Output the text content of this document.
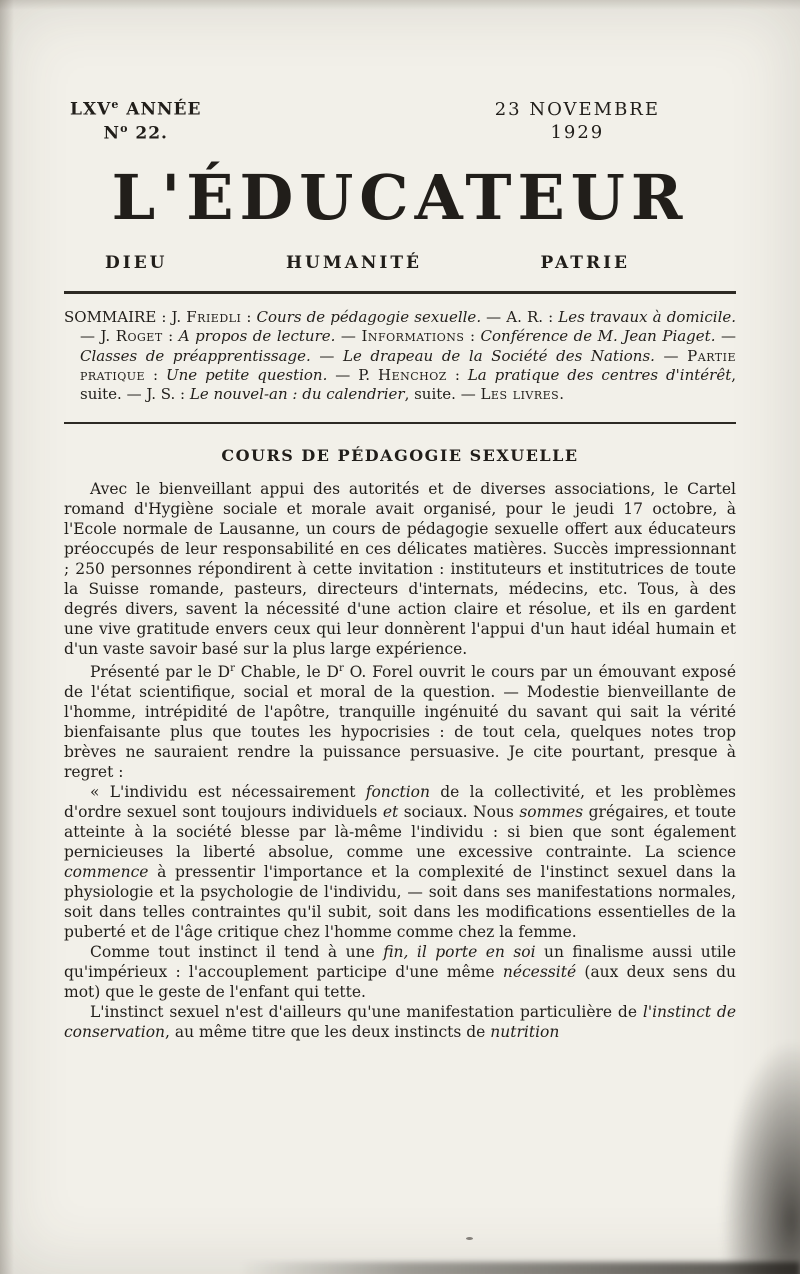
LXVe ANNÉE
$N^o$ 22.
23 NOVEMBRE
1929
L'ÉDUCATEUR
DIEU	HUMANITÉ	PATRIE

SOMMAIRE : J. Friedli : Cours de pédagogie sexuelle. — A. R. : Les travaux à domicile. — J. Roget : A propos de lecture. — Informations : Conférence de M. Jean Piaget. — Classes de préapprentissage. — Le drapeau de la Société des Nations. — Partie pratique : Une petite question. — P. Henchoz : La pratique des centres d'intérêt, suite. — J. S. : Le nouvel-an : du calendrier, suite. — Les livres.

COURS DE PÉDAGOGIE SEXUELLE

Avec le bienveillant appui des autorités et de diverses associations, le Cartel romand d'Hygiène sociale et morale avait organisé, pour le jeudi 17 octobre, à l'Ecole normale de Lausanne, un cours de pédagogie sexuelle offert aux éducateurs préoccupés de leur responsabilité en ces délicates matières. Succès impressionnant ; 250 personnes répondirent à cette invitation : instituteurs et institutrices de toute la Suisse romande, pasteurs, directeurs d'internats, médecins, etc. Tous, à des degrés divers, savent la nécessité d'une action claire et résolue, et ils en gardent une vive gratitude envers ceux qui leur donnèrent l'appui d'un haut idéal humain et d'un vaste savoir basé sur la plus large expérience.

Présenté par le $D^r$ Chable, le $D^r$ O. Forel ouvrit le cours par un émouvant exposé de l'état scientifique, social et moral de la question. — Modestie bienveillante de l'homme, intrépidité de l'apôtre, tranquille ingénuité du savant qui sait la vérité bienfaisante plus que toutes les hypocrisies : de tout cela, quelques notes trop brèves ne sauraient rendre la puissance persuasive. Je cite pourtant, presque à regret :

« L'individu est nécessairement fonction de la collectivité, et les problèmes d'ordre sexuel sont toujours individuels et sociaux. Nous sommes grégaires, et toute atteinte à la société blesse par là-même l'individu : si bien que sont également pernicieuses la liberté absolue, comme une excessive contrainte. La science commence à pressentir l'importance et la complexité de l'instinct sexuel dans la physiologie et la psychologie de l'individu, — soit dans ses manifestations normales, soit dans telles contraintes qu'il subit, soit dans les modifications essentielles de la puberté et de l'âge critique chez l'homme comme chez la femme.

Comme tout instinct il tend à une fin, il porte en soi un finalisme aussi utile qu'impérieux : l'accouplement participe d'une même nécessité (aux deux sens du mot) que le geste de l'enfant qui tette.

L'instinct sexuel n'est d'ailleurs qu'une manifestation particulière de l'instinct de conservation, au même titre que les deux instincts de nutrition
